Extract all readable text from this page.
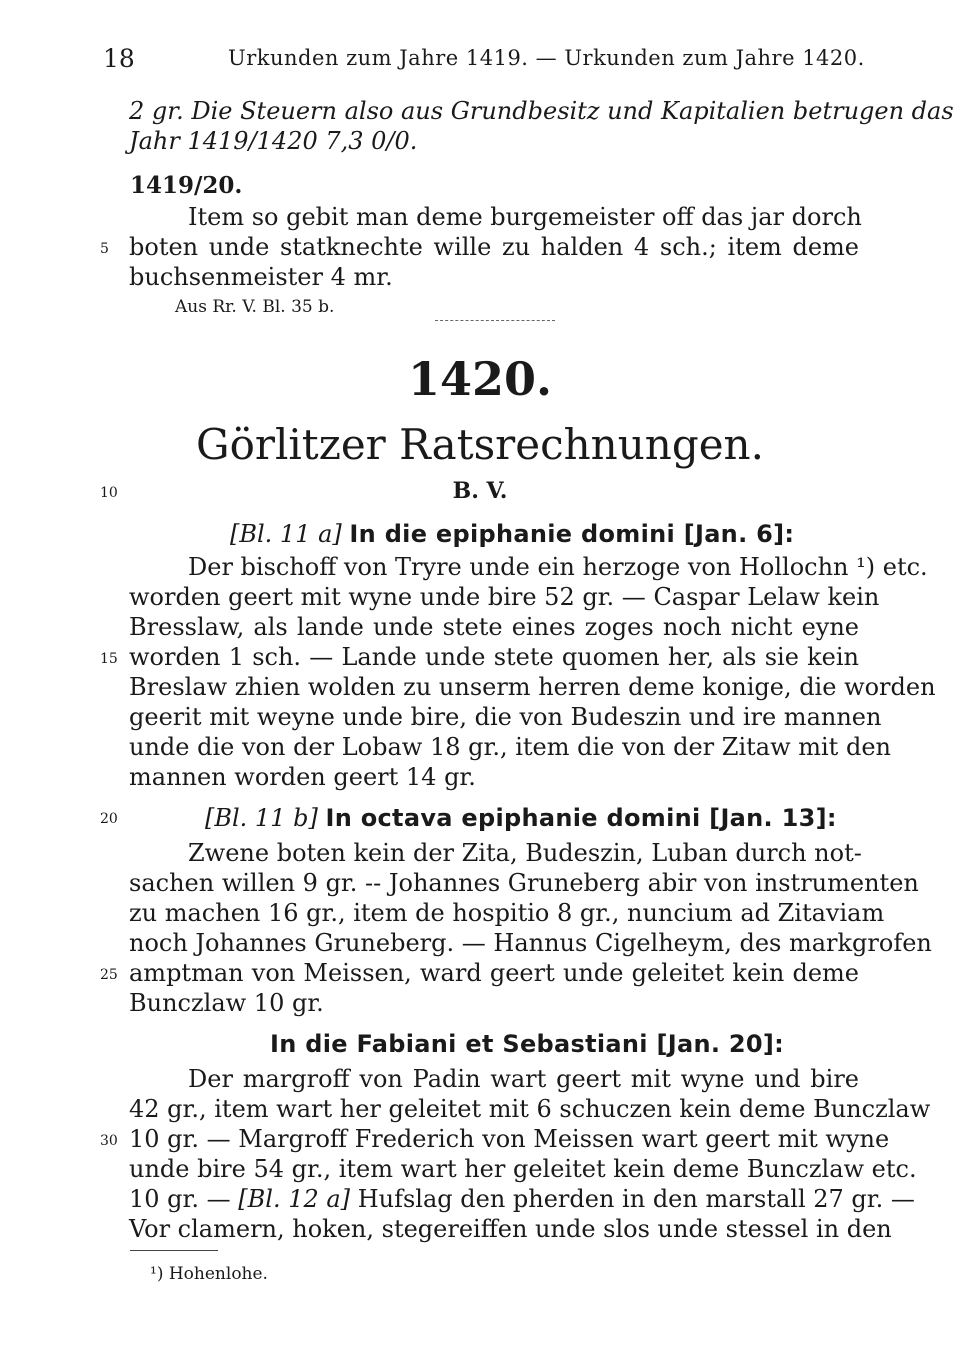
18	Urkunden zum Jahre 1419. — Urkunden zum Jahre 1420.
2 gr. Die Steuern also aus Grundbesitz und Kapitalien betrugen das
Jahr 1419/1420 7,3 0/0.
1419/20.
Item so gebit man deme burgemeister off das jar dorch
5 boten unde statknechte wille zu halden 4 sch.; item deme
buchsenmeister 4 mr.
Aus Rr. V. Bl. 35 b.
1420.
Görlitzer Ratsrechnungen.
10	B. V.
[Bl. 11 a] In die epiphanie domini [Jan. 6]:
Der bischoff von Tryre unde ein herzoge von Hollochn ¹) etc.
worden geert mit wyne unde bire 52 gr. — Caspar Lelaw kein
Bresslaw, als lande unde stete eines zoges noch nicht eyne
15 worden 1 sch. — Lande unde stete quomen her, als sie kein
Breslaw zhien wolden zu unserm herren deme konige, die worden
geerit mit weyne unde bire, die von Budeszin und ire mannen
unde die von der Lobaw 18 gr., item die von der Zitaw mit den
mannen worden geert 14 gr.
20	[Bl. 11 b] In octava epiphanie domini [Jan. 13]:
Zwene boten kein der Zita, Budeszin, Luban durch not-
sachen willen 9 gr. -- Johannes Gruneberg abir von instrumenten
zu machen 16 gr., item de hospitio 8 gr., nuncium ad Zitaviam
noch Johannes Gruneberg. — Hannus Cigelheym, des markgrofen
25 amptman von Meissen, ward geert unde geleitet kein deme
Bunczlaw 10 gr.
In die Fabiani et Sebastiani [Jan. 20]:
Der margroff von Padin wart geert mit wyne und bire
42 gr., item wart her geleitet mit 6 schuczen kein deme Bunczlaw
30 10 gr. — Margroff Frederich von Meissen wart geert mit wyne
unde bire 54 gr., item wart her geleitet kein deme Bunczlaw etc.
10 gr. — [Bl. 12 a] Hufslag den pherden in den marstall 27 gr. —
Vor clamern, hoken, stegereiffen unde slos unde stessel in den
¹) Hohenlohe.
